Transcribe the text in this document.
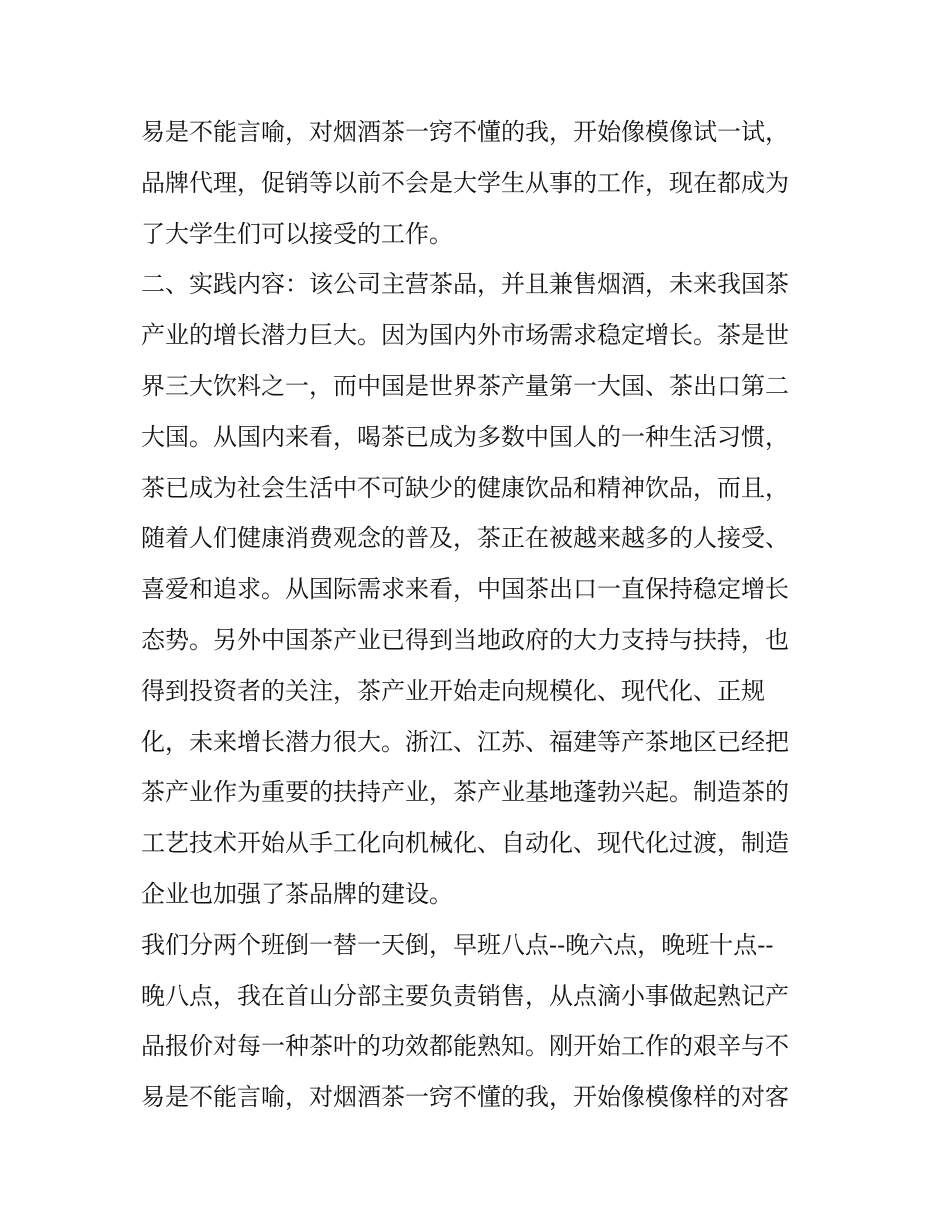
易是不能言喻，对烟酒茶一窍不懂的我，开始像模像试一试，
品牌代理，促销等以前不会是大学生从事的工作，现在都成为
了大学生们可以接受的工作。
二、实践内容：该公司主营茶品，并且兼售烟酒，未来我国茶
产业的增长潜力巨大。因为国内外市场需求稳定增长。茶是世
界三大饮料之一，而中国是世界茶产量第一大国、茶出口第二
大国。从国内来看，喝茶已成为多数中国人的一种生活习惯，
茶已成为社会生活中不可缺少的健康饮品和精神饮品，而且，
随着人们健康消费观念的普及，茶正在被越来越多的人接受、
喜爱和追求。从国际需求来看，中国茶出口一直保持稳定增长
态势。另外中国茶产业已得到当地政府的大力支持与扶持，也
得到投资者的关注，茶产业开始走向规模化、现代化、正规
化，未来增长潜力很大。浙江、江苏、福建等产茶地区已经把
茶产业作为重要的扶持产业，茶产业基地蓬勃兴起。制造茶的
工艺技术开始从手工化向机械化、自动化、现代化过渡，制造
企业也加强了茶品牌的建设。
我们分两个班倒一替一天倒，早班八点--晚六点，晚班十点--
晚八点，我在首山分部主要负责销售，从点滴小事做起熟记产
品报价对每一种茶叶的功效都能熟知。刚开始工作的艰辛与不
易是不能言喻，对烟酒茶一窍不懂的我，开始像模像样的对客
